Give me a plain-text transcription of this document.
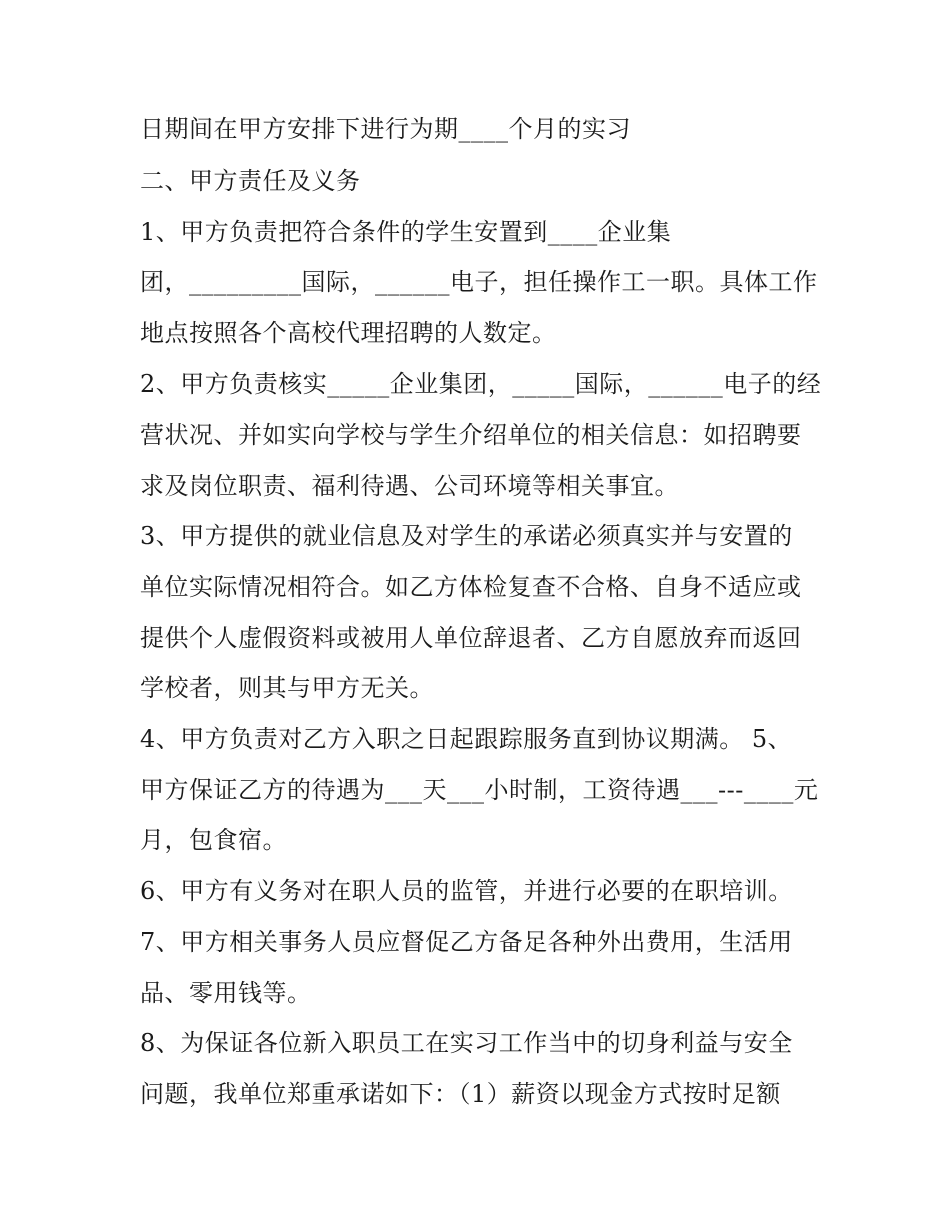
日期间在甲方安排下进行为期____个月的实习
二、甲方责任及义务
1、甲方负责把符合条件的学生安置到____企业集
团，_________国际，______电子，担任操作工一职。具体工作
地点按照各个高校代理招聘的人数定。
2、甲方负责核实_____企业集团，_____国际，______电子的经
营状况、并如实向学校与学生介绍单位的相关信息：如招聘要
求及岗位职责、福利待遇、公司环境等相关事宜。
3、甲方提供的就业信息及对学生的承诺必须真实并与安置的
单位实际情况相符合。如乙方体检复查不合格、自身不适应或
提供个人虚假资料或被用人单位辞退者、乙方自愿放弃而返回
学校者，则其与甲方无关。
4、甲方负责对乙方入职之日起跟踪服务直到协议期满。 5、
甲方保证乙方的待遇为___天___小时制，工资待遇___---____元
月，包食宿。
6、甲方有义务对在职人员的监管，并进行必要的在职培训。
7、甲方相关事务人员应督促乙方备足各种外出费用，生活用
品、零用钱等。
8、为保证各位新入职员工在实习工作当中的切身利益与安全
问题，我单位郑重承诺如下：（1）薪资以现金方式按时足额
